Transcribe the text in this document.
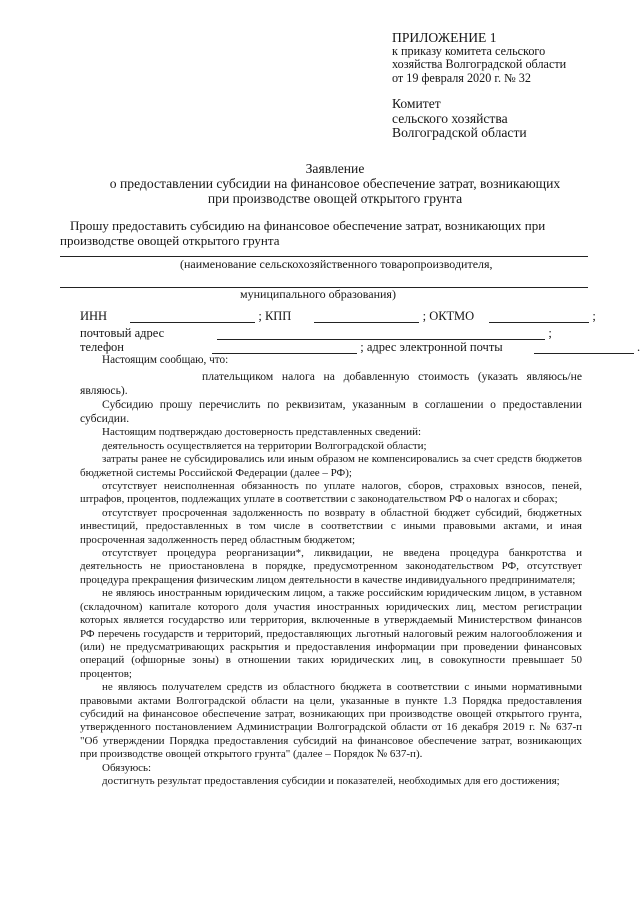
ПРИЛОЖЕНИЕ 1
к приказу комитета сельского
хозяйства Волгоградской области
от 19 февраля 2020 г. № 32
Комитет
сельского хозяйства
Волгоградской области
Заявление
о предоставлении субсидии на финансовое обеспечение затрат, возникающих
при производстве овощей открытого грунта
Прошу предоставить субсидию на финансовое обеспечение затрат, возникающих при
производстве овощей открытого грунта
(наименование сельскохозяйственного товаропроизводителя,
муниципального образования)
ИНН	; КПП	; ОКТМО	;
почтовый адрес	;
телефон	; адрес электронной почты	.

Настоящим сообщаю, что:

плательщиком налога на добавленную стоимость (указать являюсь/не являюсь).

Субсидию прошу перечислить по реквизитам, указанным в соглашении о предоставлении субсидии.

Настоящим подтверждаю достоверность представленных сведений:

деятельность осуществляется на территории Волгоградской области;

затраты ранее не субсидировались или иным образом не компенсировались за счет средств бюджетов бюджетной системы Российской Федерации (далее – РФ);

отсутствует неисполненная обязанность по уплате налогов, сборов, страховых взносов, пеней, штрафов, процентов, подлежащих уплате в соответствии с законодательством РФ о налогах и сборах;

отсутствует просроченная задолженность по возврату в областной бюджет субсидий, бюджетных инвестиций, предоставленных в том числе в соответствии с иными правовыми актами, и иная просроченная задолженность перед областным бюджетом;

отсутствует процедура реорганизации*, ликвидации, не введена процедура банкротства и деятельность не приостановлена в порядке, предусмотренном законодательством РФ, отсутствует процедура прекращения физическим лицом деятельности в качестве индивидуального предпринимателя;

не являюсь иностранным юридическим лицом, а также российским юридическим лицом, в уставном (складочном) капитале которого доля участия иностранных юридических лиц, местом регистрации которых является государство или территория, включенные в утверждаемый Министерством финансов РФ перечень государств и территорий, предоставляющих льготный налоговый режим налогообложения и (или) не предусматривающих раскрытия и предоставления информации при проведении финансовых операций (офшорные зоны) в отношении таких юридических лиц, в совокупности превышает 50 процентов;

не являюсь получателем средств из областного бюджета в соответствии с иными нормативными правовыми актами Волгоградской области на цели, указанные в пункте 1.3 Порядка предоставления субсидий на финансовое обеспечение затрат, возникающих при производстве овощей открытого грунта, утвержденного постановлением Администрации Волгоградской области от 16 декабря 2019 г. № 637-п "Об утверждении Порядка предоставления субсидий на финансовое обеспечение затрат, возникающих при производстве овощей открытого грунта" (далее – Порядок № 637-п).

Обязуюсь:

достигнуть результат предоставления субсидии и показателей, необходимых для его достижения;
